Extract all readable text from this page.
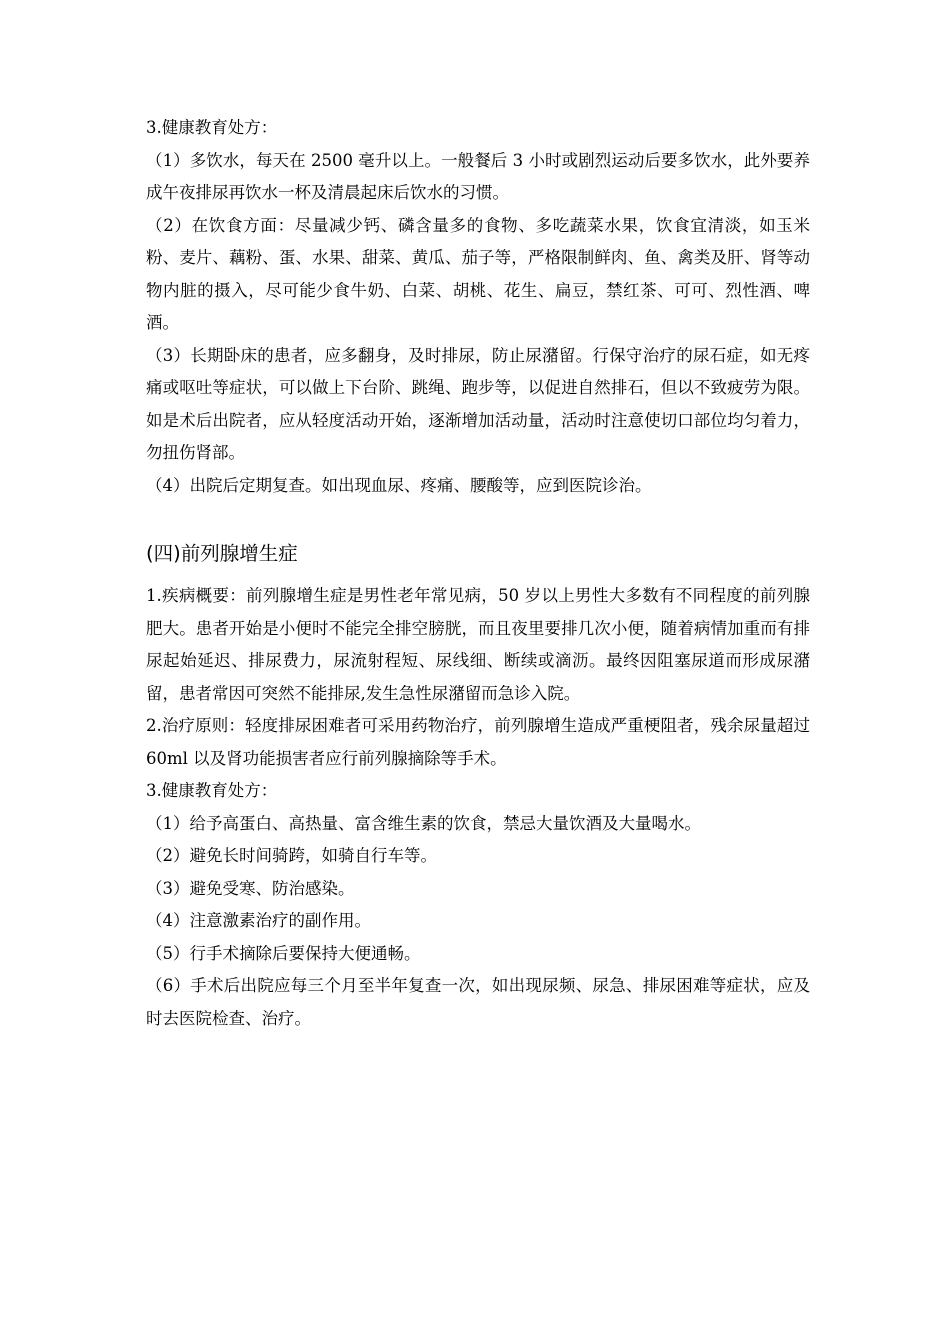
3.健康教育处方：

（1）多饮水，每天在 2500 毫升以上。一般餐后 3 小时或剧烈运动后要多饮水，此外要养成午夜排尿再饮水一杯及清晨起床后饮水的习惯。

（2）在饮食方面：尽量减少钙、磷含量多的食物、多吃蔬菜水果，饮食宜清淡，如玉米粉、麦片、藕粉、蛋、水果、甜菜、黄瓜、茄子等，严格限制鲜肉、鱼、禽类及肝、肾等动物内脏的摄入，尽可能少食牛奶、白菜、胡桃、花生、扁豆，禁红茶、可可、烈性酒、啤酒。

（3）长期卧床的患者，应多翻身，及时排尿，防止尿潴留。行保守治疗的尿石症，如无疼痛或呕吐等症状，可以做上下台阶、跳绳、跑步等，以促进自然排石，但以不致疲劳为限。如是术后出院者，应从轻度活动开始，逐渐增加活动量，活动时注意使切口部位均匀着力，勿扭伤肾部。

（4）出院后定期复查。如出现血尿、疼痛、腰酸等，应到医院诊治。

(四)前列腺增生症

1.疾病概要：前列腺增生症是男性老年常见病，50 岁以上男性大多数有不同程度的前列腺肥大。患者开始是小便时不能完全排空膀胱，而且夜里要排几次小便，随着病情加重而有排尿起始延迟、排尿费力，尿流射程短、尿线细、断续或滴沥。最终因阻塞尿道而形成尿潴留，患者常因可突然不能排尿,发生急性尿潴留而急诊入院。

2.治疗原则：轻度排尿困难者可采用药物治疗，前列腺增生造成严重梗阻者，残余尿量超过 60ml 以及肾功能损害者应行前列腺摘除等手术。

3.健康教育处方：

（1）给予高蛋白、高热量、富含维生素的饮食，禁忌大量饮酒及大量喝水。

（2）避免长时间骑跨，如骑自行车等。

（3）避免受寒、防治感染。

（4）注意激素治疗的副作用。

（5）行手术摘除后要保持大便通畅。

（6）手术后出院应每三个月至半年复查一次，如出现尿频、尿急、排尿困难等症状，应及时去医院检查、治疗。
